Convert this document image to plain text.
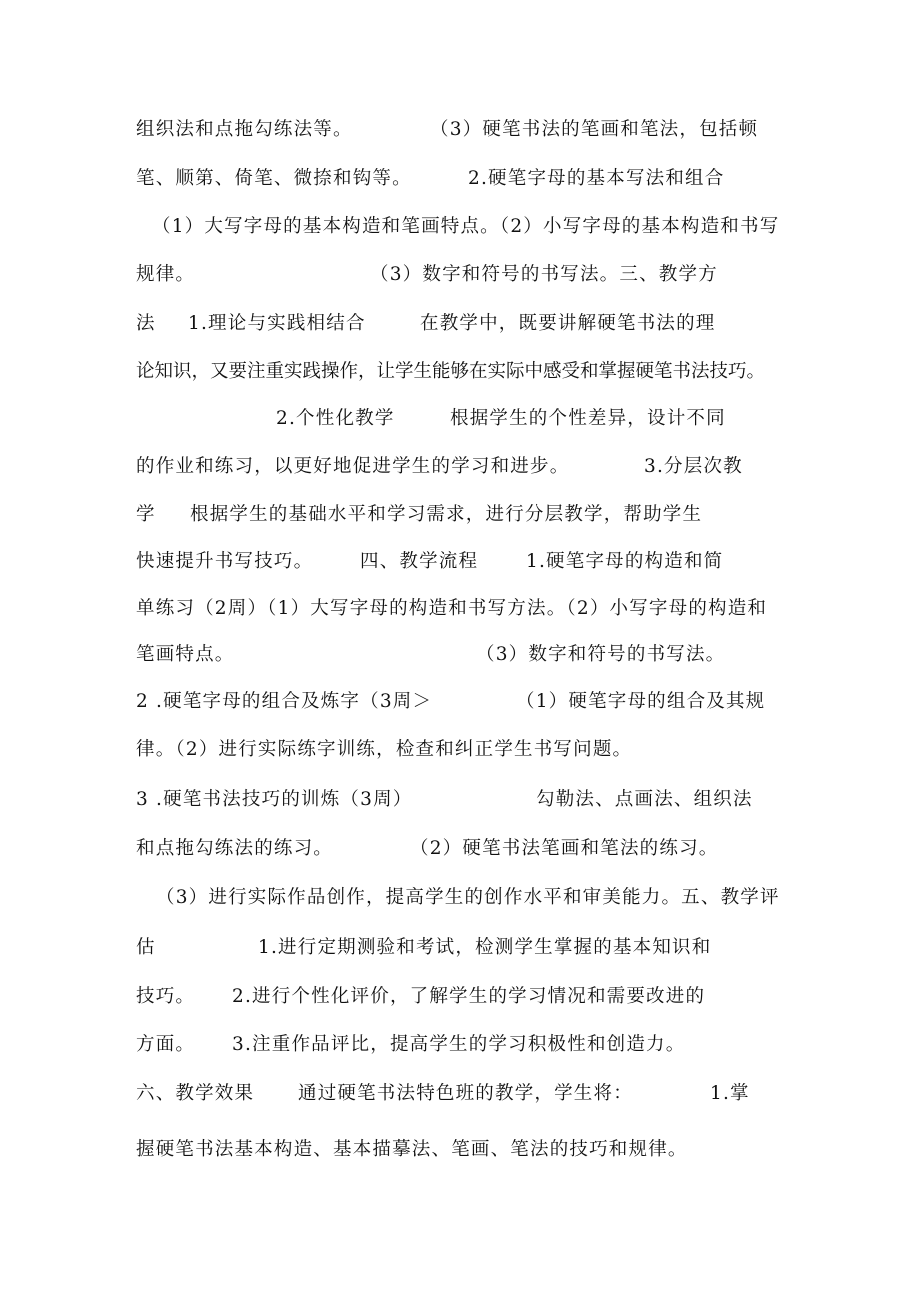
组织法和点拖勾练法等。	（3）硬笔书法的笔画和笔法，包括顿
笔、顺第、倚笔、微捺和钩等。	2.硬笔字母的基本写法和组合
（1）大写字母的基本构造和笔画特点。（2）小写字母的基本构造和书写
规律。	（3）数字和符号的书写法。三、教学方
法 1.理论与实践相结合	在教学中，既要讲解硬笔书法的理
论知识，又要注重实践操作，让学生能够在实际中感受和掌握硬笔书法技巧。
2.个性化教学	根据学生的个性差异，设计不同
的作业和练习，以更好地促进学生的学习和进步。	3.分层次教
学 根据学生的基础水平和学习需求，进行分层教学，帮助学生
快速提升书写技巧。	四、教学流程	1.硬笔字母的构造和简
单练习（2周）（1）大写字母的构造和书写方法。（2）小写字母的构造和
笔画特点。	（3）数字和符号的书写法。
2 .硬笔字母的组合及炼字（3周＞	（1）硬笔字母的组合及其规
律。（2）进行实际练字训练，检查和纠正学生书写问题。
3 .硬笔书法技巧的训炼（3周）	勾勒法、点画法、组织法
和点拖勾练法的练习。	（2）硬笔书法笔画和笔法的练习。
（3）进行实际作品创作，提高学生的创作水平和审美能力。五、教学评
估	1.进行定期测验和考试，检测学生掌握的基本知识和
技巧。 2.进行个性化评价，了解学生的学习情况和需要改进的
方面。 3.注重作品评比，提高学生的学习积极性和创造力。
六、教学效果 通过硬笔书法特色班的教学，学生将：	1.掌
握硬笔书法基本构造、基本描摹法、笔画、笔法的技巧和规律。
